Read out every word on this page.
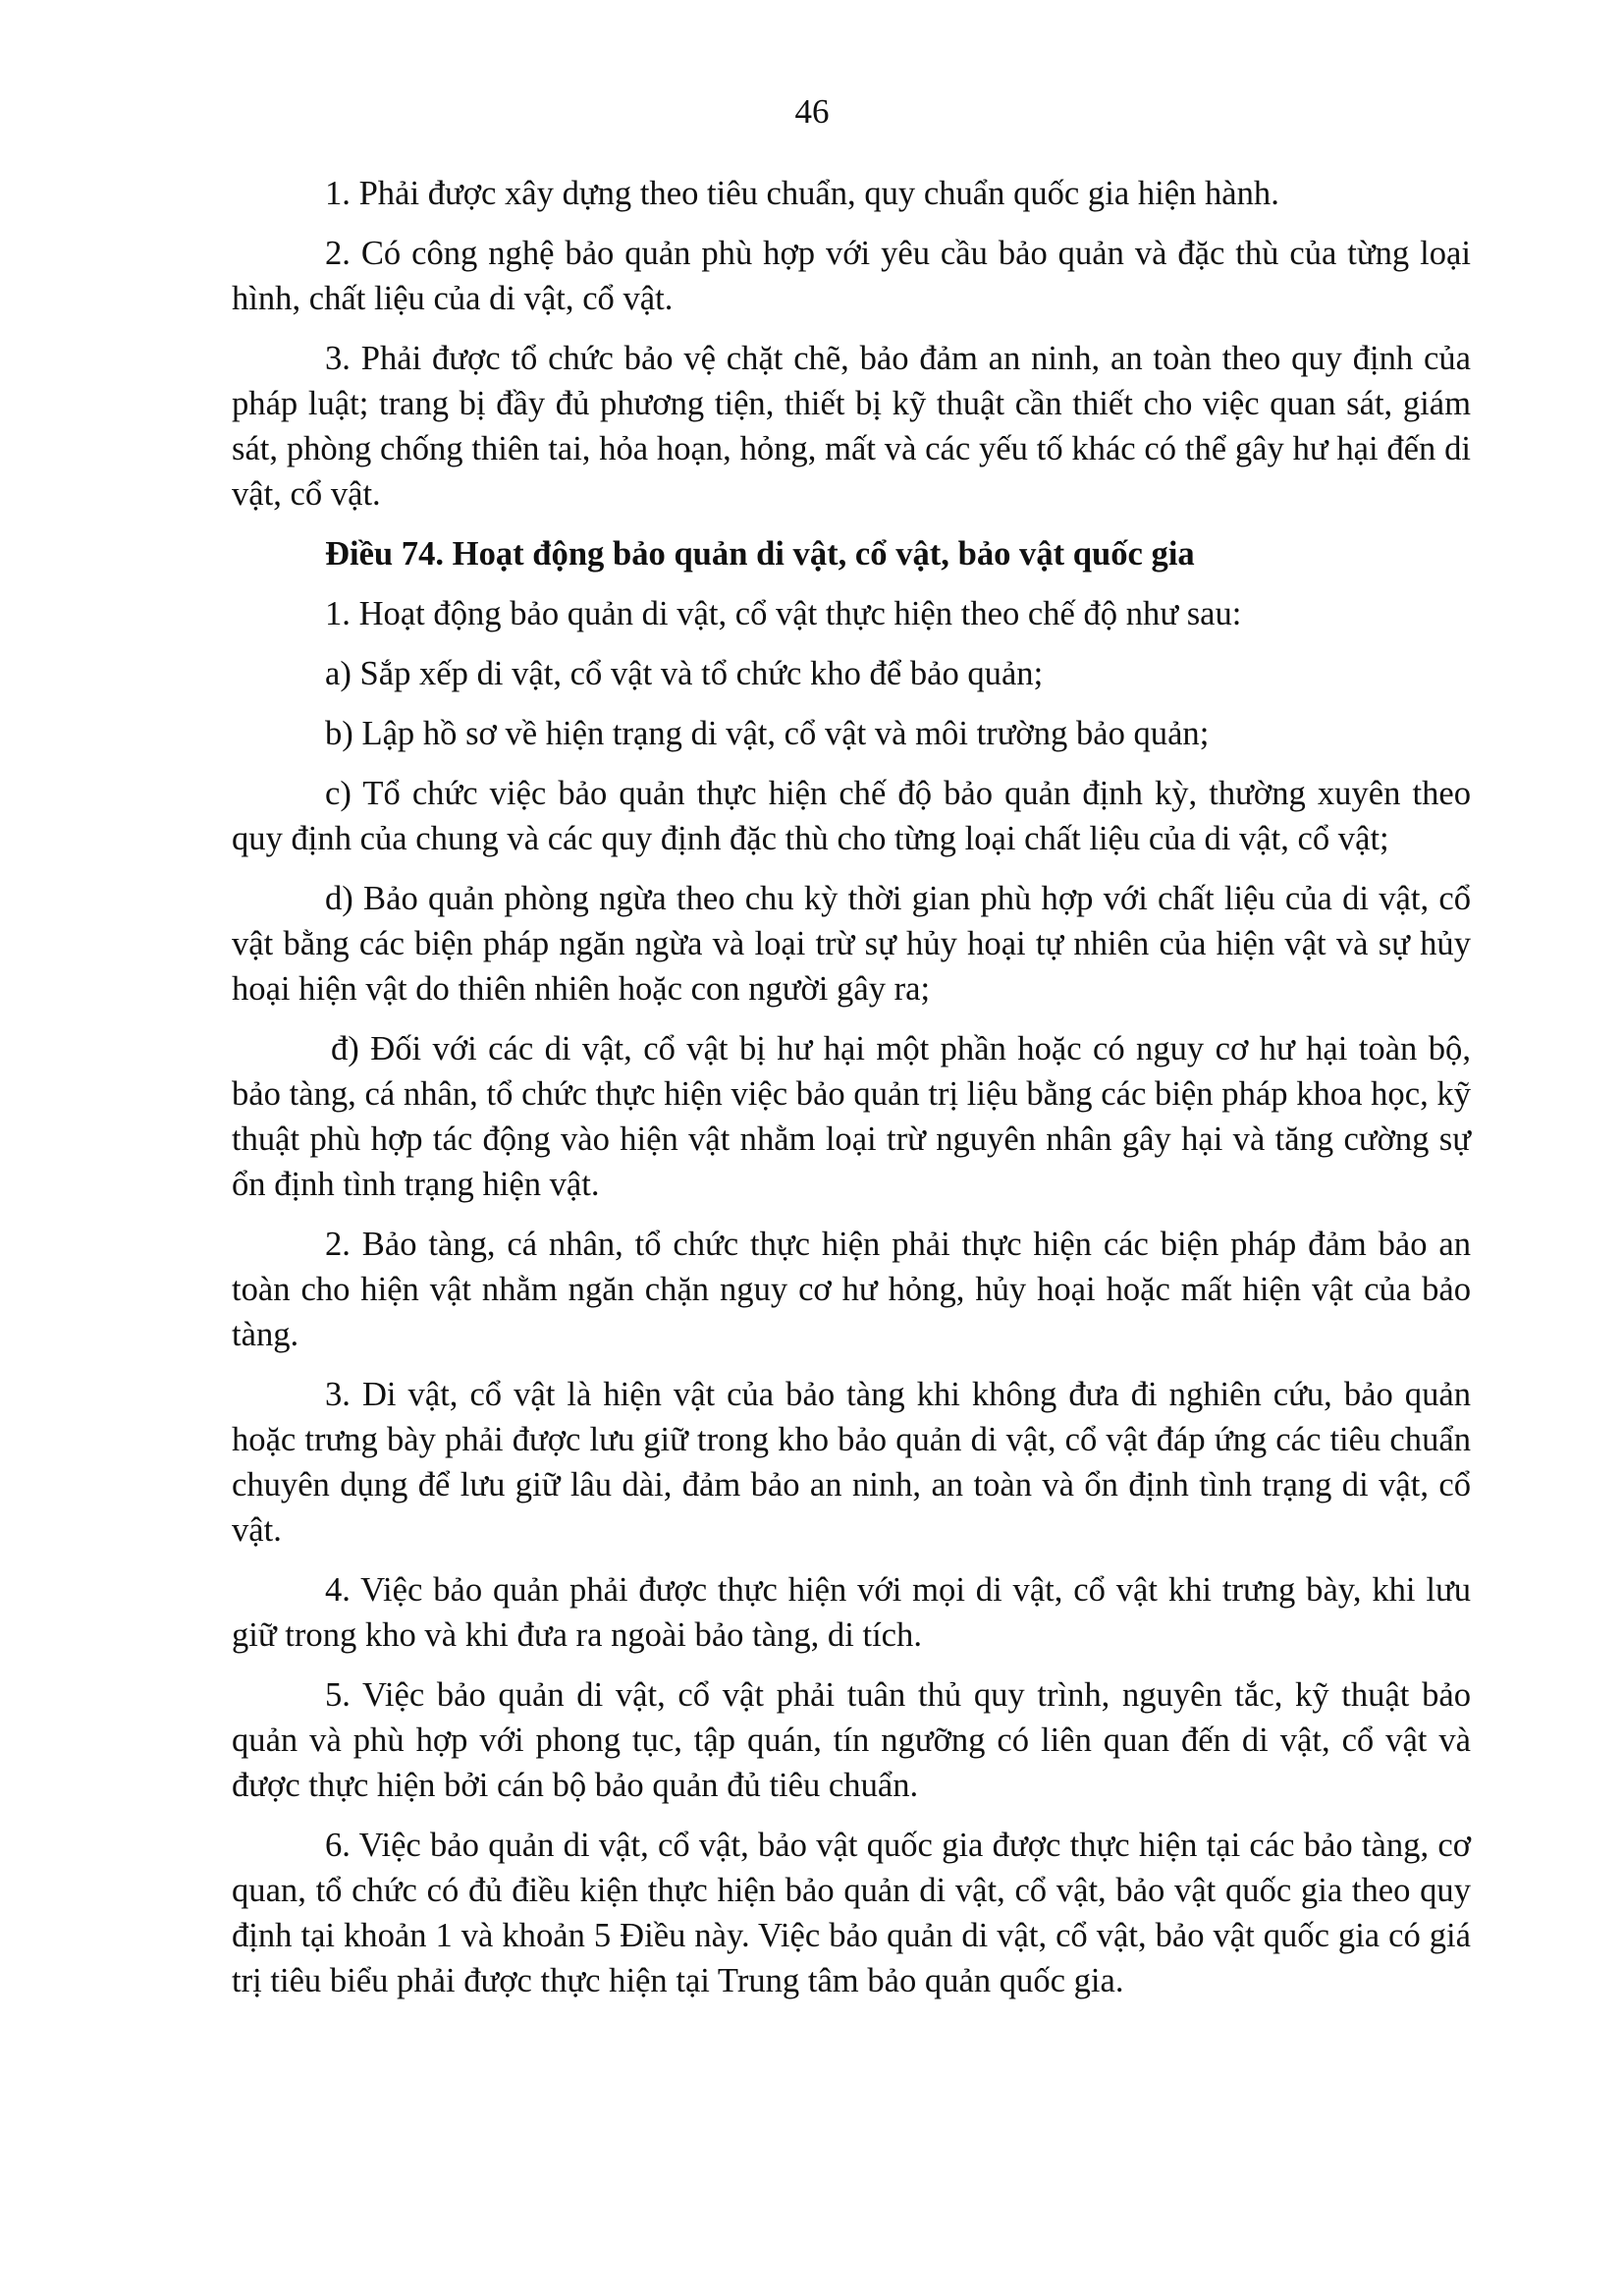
46

1. Phải được xây dựng theo tiêu chuẩn, quy chuẩn quốc gia hiện hành.

2. Có công nghệ bảo quản phù hợp với yêu cầu bảo quản và đặc thù của từng loại hình, chất liệu của di vật, cổ vật.

3. Phải được tổ chức bảo vệ chặt chẽ, bảo đảm an ninh, an toàn theo quy định của pháp luật; trang bị đầy đủ phương tiện, thiết bị kỹ thuật cần thiết cho việc quan sát, giám sát, phòng chống thiên tai, hỏa hoạn, hỏng, mất và các yếu tố khác có thể gây hư hại đến di vật, cổ vật.

Điều 74. Hoạt động bảo quản di vật, cổ vật, bảo vật quốc gia

1. Hoạt động bảo quản di vật, cổ vật thực hiện theo chế độ như sau:

a) Sắp xếp di vật, cổ vật và tổ chức kho để bảo quản;

b) Lập hồ sơ về hiện trạng di vật, cổ vật và môi trường bảo quản;

c) Tổ chức việc bảo quản thực hiện chế độ bảo quản định kỳ, thường xuyên theo quy định của chung và các quy định đặc thù cho từng loại chất liệu của di vật, cổ vật;

d) Bảo quản phòng ngừa theo chu kỳ thời gian phù hợp với chất liệu của di vật, cổ vật bằng các biện pháp ngăn ngừa và loại trừ sự hủy hoại tự nhiên của hiện vật và sự hủy hoại hiện vật do thiên nhiên hoặc con người gây ra;

đ) Đối với các di vật, cổ vật bị hư hại một phần hoặc có nguy cơ hư hại toàn bộ, bảo tàng, cá nhân, tổ chức thực hiện việc bảo quản trị liệu bằng các biện pháp khoa học, kỹ thuật phù hợp tác động vào hiện vật nhằm loại trừ nguyên nhân gây hại và tăng cường sự ổn định tình trạng hiện vật.

2. Bảo tàng, cá nhân, tổ chức thực hiện phải thực hiện các biện pháp đảm bảo an toàn cho hiện vật nhằm ngăn chặn nguy cơ hư hỏng, hủy hoại hoặc mất hiện vật của bảo tàng.

3. Di vật, cổ vật là hiện vật của bảo tàng khi không đưa đi nghiên cứu, bảo quản hoặc trưng bày phải được lưu giữ trong kho bảo quản di vật, cổ vật đáp ứng các tiêu chuẩn chuyên dụng để lưu giữ lâu dài, đảm bảo an ninh, an toàn và ổn định tình trạng di vật, cổ vật.

4. Việc bảo quản phải được thực hiện với mọi di vật, cổ vật khi trưng bày, khi lưu giữ trong kho và khi đưa ra ngoài bảo tàng, di tích.

5. Việc bảo quản di vật, cổ vật phải tuân thủ quy trình, nguyên tắc, kỹ thuật bảo quản và phù hợp với phong tục, tập quán, tín ngưỡng có liên quan đến di vật, cổ vật và được thực hiện bởi cán bộ bảo quản đủ tiêu chuẩn.

6. Việc bảo quản di vật, cổ vật, bảo vật quốc gia được thực hiện tại các bảo tàng, cơ quan, tổ chức có đủ điều kiện thực hiện bảo quản di vật, cổ vật, bảo vật quốc gia theo quy định tại khoản 1 và khoản 5 Điều này. Việc bảo quản di vật, cổ vật, bảo vật quốc gia có giá trị tiêu biểu phải được thực hiện tại Trung tâm bảo quản quốc gia.
